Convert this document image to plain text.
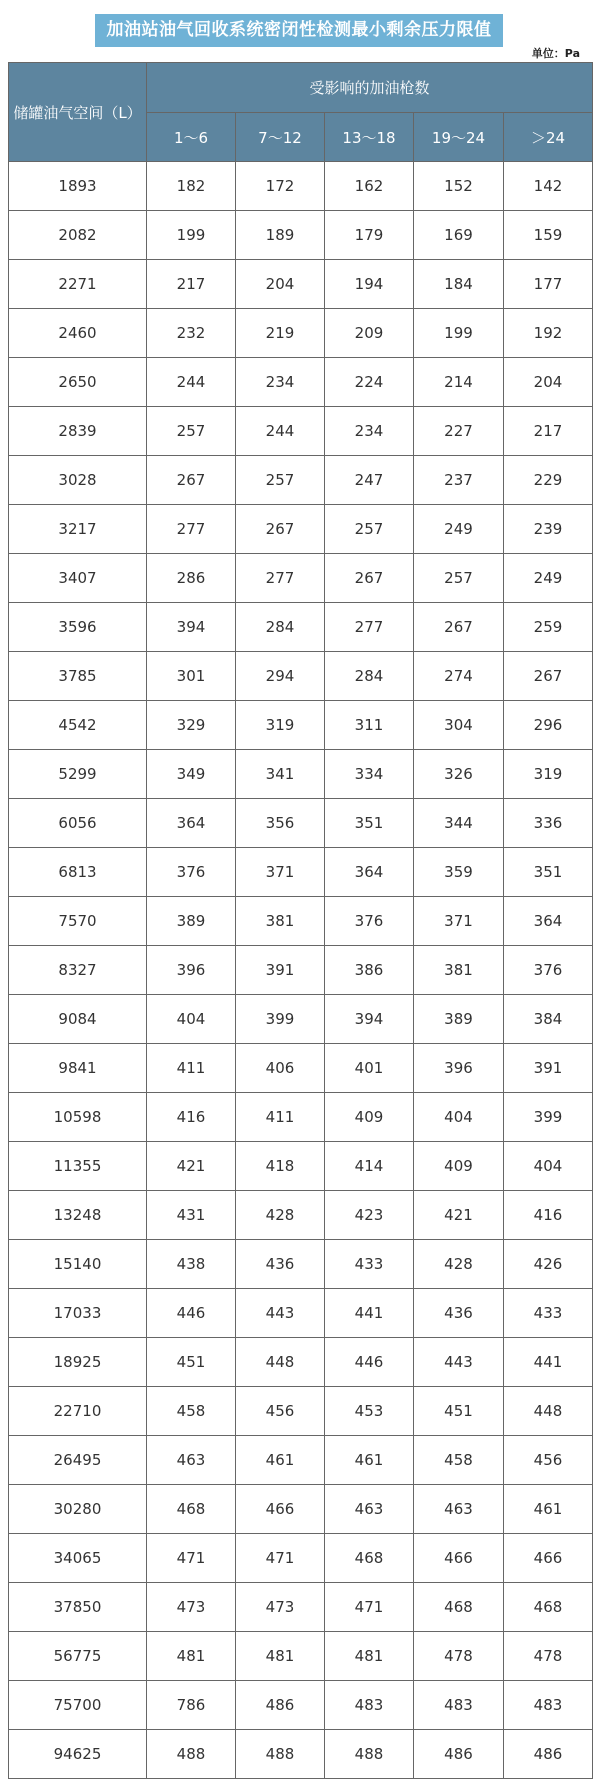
加油站油气回收系统密闭性检测最小剩余压力限值
单位：Pa
储罐油气空间（L）	受影响的加油枪数				
	1～6	7～12	13～18	19～24	＞24
1893	182	172	162	152	142
2082	199	189	179	169	159
2271	217	204	194	184	177
2460	232	219	209	199	192
2650	244	234	224	214	204
2839	257	244	234	227	217
3028	267	257	247	237	229
3217	277	267	257	249	239
3407	286	277	267	257	249
3596	394	284	277	267	259
3785	301	294	284	274	267
4542	329	319	311	304	296
5299	349	341	334	326	319
6056	364	356	351	344	336
6813	376	371	364	359	351
7570	389	381	376	371	364
8327	396	391	386	381	376
9084	404	399	394	389	384
9841	411	406	401	396	391
10598	416	411	409	404	399
11355	421	418	414	409	404
13248	431	428	423	421	416
15140	438	436	433	428	426
17033	446	443	441	436	433
18925	451	448	446	443	441
22710	458	456	453	451	448
26495	463	461	461	458	456
30280	468	466	463	463	461
34065	471	471	468	466	466
37850	473	473	471	468	468
56775	481	481	481	478	478
75700	786	486	483	483	483
94625	488	488	488	486	486
